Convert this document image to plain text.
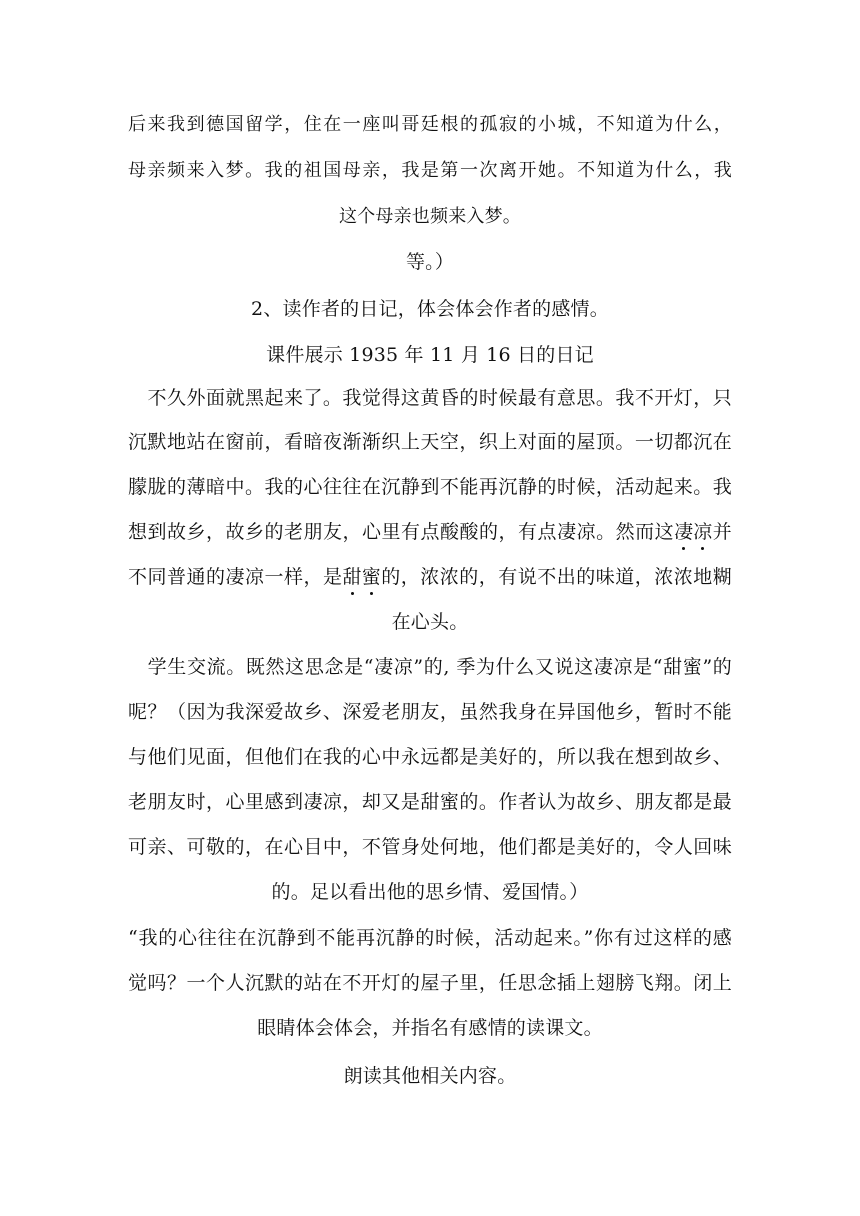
后来我到德国留学，住在一座叫哥廷根的孤寂的小城，不知道为什么，
母亲频来入梦。我的祖国母亲，我是第一次离开她。不知道为什么，我
这个母亲也频来入梦。
等。）
2、读作者的日记，体会体会作者的感情。
课件展示 1935 年 11 月 16 日的日记
　不久外面就黑起来了。我觉得这黄昏的时候最有意思。我不开灯，只
沉默地站在窗前，看暗夜渐渐织上天空，织上对面的屋顶。一切都沉在
朦胧的薄暗中。我的心往往在沉静到不能再沉静的时候，活动起来。我
想到故乡，故乡的老朋友，心里有点酸酸的，有点凄凉。然而这凄凉并
不同普通的凄凉一样，是甜蜜的，浓浓的，有说不出的味道，浓浓地糊
在心头。
　学生交流。既然这思念是“凄凉”的, 季为什么又说这凄凉是“甜蜜”的
呢？（因为我深爱故乡、深爱老朋友，虽然我身在异国他乡，暂时不能
与他们见面，但他们在我的心中永远都是美好的，所以我在想到故乡、
老朋友时，心里感到凄凉，却又是甜蜜的。作者认为故乡、朋友都是最
可亲、可敬的，在心目中，不管身处何地，他们都是美好的，令人回味
的。足以看出他的思乡情、爱国情。）
“我的心往往在沉静到不能再沉静的时候，活动起来。”你有过这样的感
觉吗？一个人沉默的站在不开灯的屋子里，任思念插上翅膀飞翔。闭上
眼睛体会体会，并指名有感情的读课文。
朗读其他相关内容。
